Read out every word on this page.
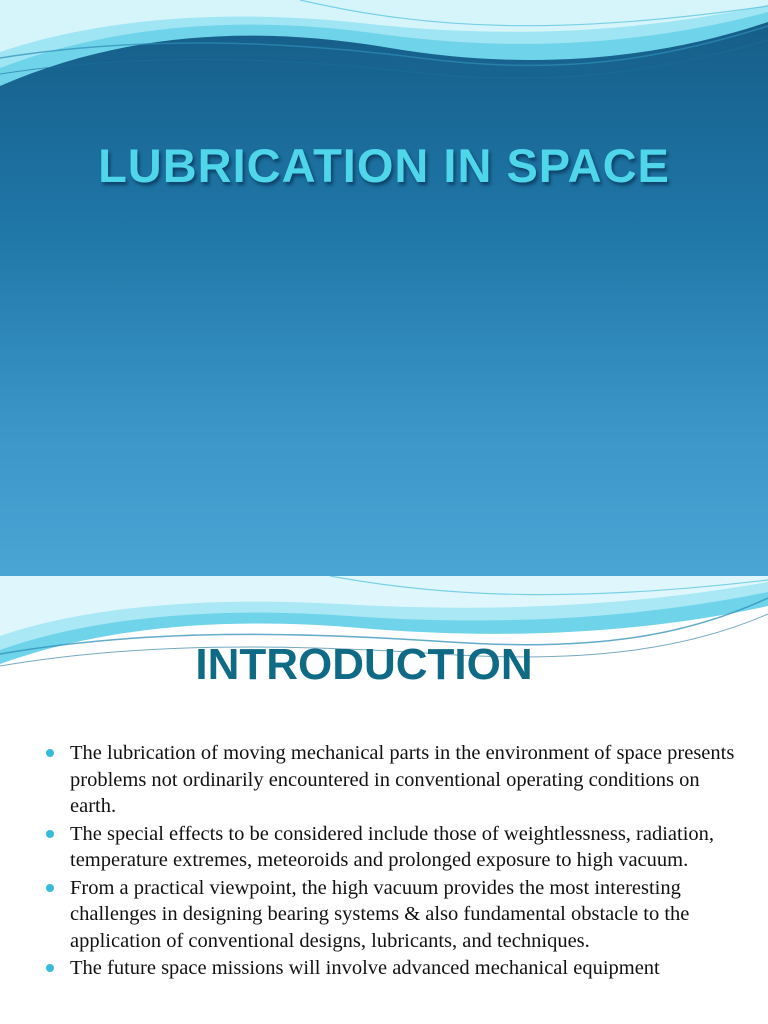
LUBRICATION IN SPACE
INTRODUCTION
The lubrication of moving mechanical parts in the environment of space presents problems not ordinarily encountered in conventional operating conditions on earth.
The special effects to be considered include those of weightlessness, radiation, temperature extremes, meteoroids and prolonged exposure to high vacuum.
From a practical viewpoint, the high vacuum provides the most interesting challenges in designing bearing systems & also fundamental obstacle to the application of conventional designs, lubricants, and techniques.
The future space missions will involve advanced mechanical equipment
